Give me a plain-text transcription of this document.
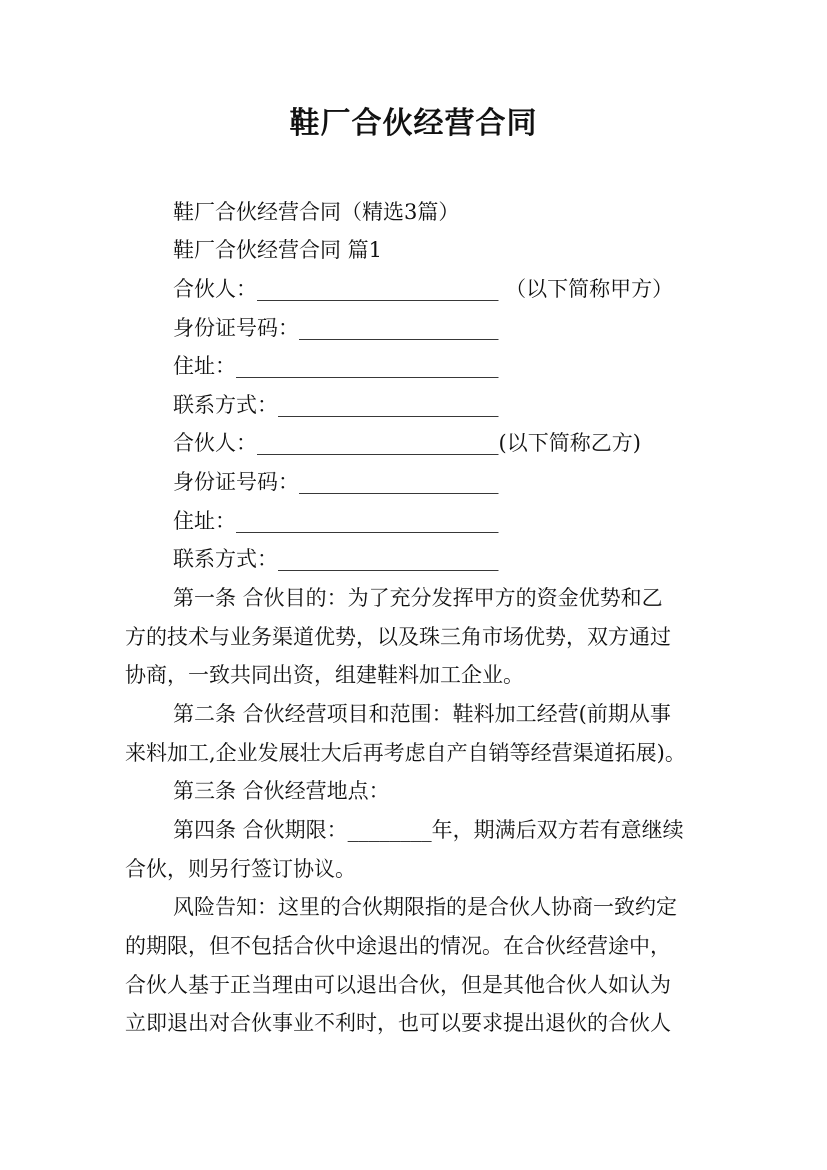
鞋厂合伙经营合同
鞋厂合伙经营合同（精选3篇）
鞋厂合伙经营合同 篇1
合伙人：_______________________ （以下简称甲方）
身份证号码：___________________
住址：_________________________
联系方式：_____________________
合伙人：_______________________(以下简称乙方)
身份证号码：___________________
住址：_________________________
联系方式：_____________________
第一条 合伙目的：为了充分发挥甲方的资金优势和乙
方的技术与业务渠道优势，以及珠三角市场优势，双方通过
协商，一致共同出资，组建鞋料加工企业。
第二条 合伙经营项目和范围：鞋料加工经营(前期从事
来料加工,企业发展壮大后再考虑自产自销等经营渠道拓展)。
第三条 合伙经营地点：
第四条 合伙期限：________年，期满后双方若有意继续
合伙，则另行签订协议。
风险告知：这里的合伙期限指的是合伙人协商一致约定
的期限，但不包括合伙中途退出的情况。在合伙经营途中，
合伙人基于正当理由可以退出合伙，但是其他合伙人如认为
立即退出对合伙事业不利时，也可以要求提出退伙的合伙人
